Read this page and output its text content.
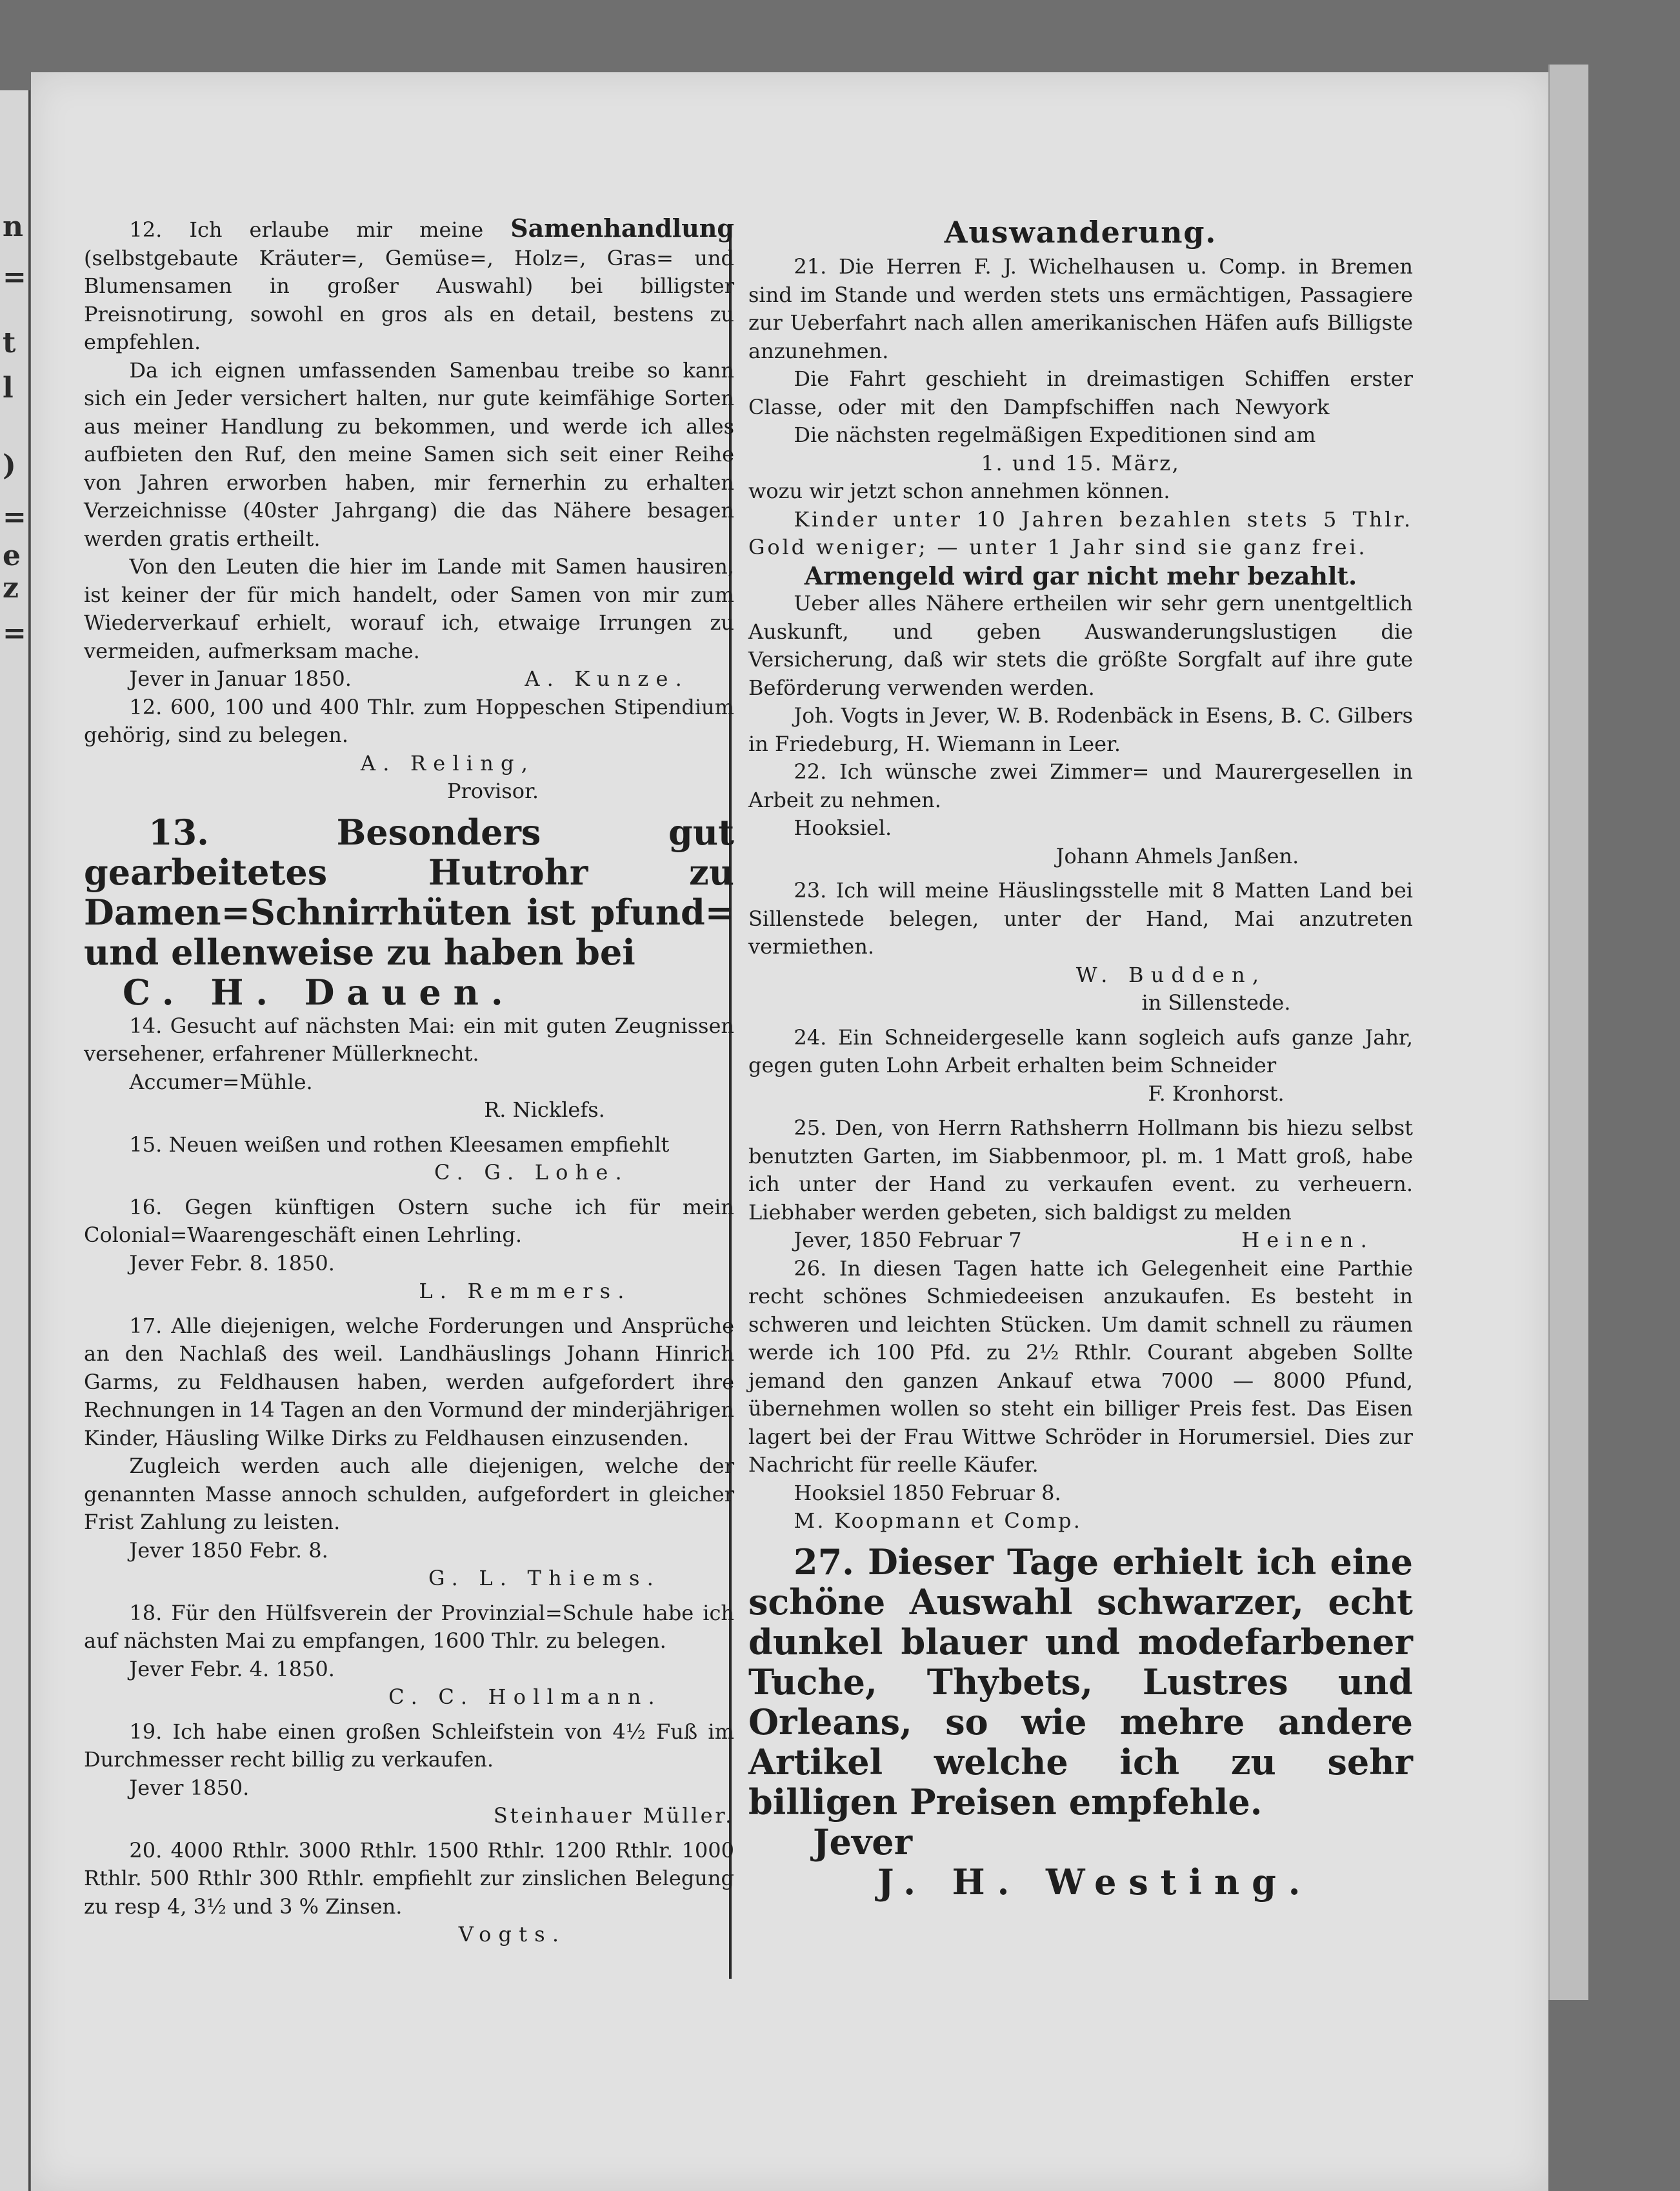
n
=
t
l
)
=
e
z
=

12. Ich erlaube mir meine Samenhandlung (selbstgebaute Kräuter=, Gemüse=, Holz=, Gras= und Blumensamen in großer Auswahl) bei billigster Preisnotirung, sowohl en gros als en detail, bestens zu empfehlen.

Da ich eignen umfassenden Samenbau treibe so kann sich ein Jeder versichert halten, nur gute keimfähige Sorten aus meiner Handlung zu bekommen, und werde ich alles aufbieten den Ruf, den meine Samen sich seit einer Reihe von Jahren erworben haben, mir fernerhin zu erhalten Verzeichnisse (40ster Jahrgang) die das Nähere besagen werden gratis ertheilt.

Von den Leuten die hier im Lande mit Samen hausiren, ist keiner der für mich handelt, oder Samen von mir zum Wiederverkauf erhielt, worauf ich, etwaige Irrungen zu vermeiden, aufmerksam mache.

Jever in Januar 1850.	A. Kunze.

12. 600, 100 und 400 Thlr. zum Hoppeschen Stipendium gehörig, sind zu belegen.

A. Reling,

Provisor.

13. Besonders gut gearbeitetes Hutrohr zu Damen=Schnirrhüten ist pfund= und ellenweise zu haben bei

C. H. Dauen.

14. Gesucht auf nächsten Mai: ein mit guten Zeugnissen versehener, erfahrener Müllerknecht.

Accumer=Mühle.

R. Nicklefs.

15. Neuen weißen und rothen Kleesamen empfiehlt

C. G. Lohe.

16. Gegen künftigen Ostern suche ich für mein Colonial=Waarengeschäft einen Lehrling.

Jever Febr. 8. 1850.

L. Remmers.

17. Alle diejenigen, welche Forderungen und Ansprüche an den Nachlaß des weil. Landhäuslings Johann Hinrich Garms, zu Feldhausen haben, werden aufgefordert ihre Rechnungen in 14 Tagen an den Vormund der minderjährigen Kinder, Häusling Wilke Dirks zu Feldhausen einzusenden.

Zugleich werden auch alle diejenigen, welche der genannten Masse annoch schulden, aufgefordert in gleicher Frist Zahlung zu leisten.

Jever 1850 Febr. 8.

G. L. Thiems.

18. Für den Hülfsverein der Provinzial=Schule habe ich auf nächsten Mai zu empfangen, 1600 Thlr. zu belegen.

Jever Febr. 4. 1850.

C. C. Hollmann.

19. Ich habe einen großen Schleifstein von 4½ Fuß im Durchmesser recht billig zu verkaufen.

Jever 1850.

Steinhauer Müller.

20. 4000 Rthlr. 3000 Rthlr. 1500 Rthlr. 1200 Rthlr. 1000 Rthlr. 500 Rthlr 300 Rthlr. empfiehlt zur zinslichen Belegung zu resp 4, 3½ und 3 % Zinsen.

Vogts.

Auswanderung.

21. Die Herren F. J. Wichelhausen u. Comp. in Bremen sind im Stande und werden stets uns ermächtigen, Passagiere zur Ueberfahrt nach allen amerikanischen Häfen aufs Billigste anzunehmen.

Die Fahrt geschieht in dreimastigen Schiffen erster Classe, oder mit den Dampfschiffen nach Newyork

Die nächsten regelmäßigen Expeditionen sind am

1. und 15. März,

wozu wir jetzt schon annehmen können.

Kinder unter 10 Jahren bezahlen stets 5 Thlr. Gold weniger; — unter 1 Jahr sind sie ganz frei.

Armengeld wird gar nicht mehr bezahlt.

Ueber alles Nähere ertheilen wir sehr gern unentgeltlich Auskunft, und geben Auswanderungslustigen die Versicherung, daß wir stets die größte Sorgfalt auf ihre gute Beförderung verwenden werden.

Joh. Vogts in Jever, W. B. Rodenbäck in Esens, B. C. Gilbers in Friedeburg, H. Wiemann in Leer.

22. Ich wünsche zwei Zimmer= und Maurergesellen in Arbeit zu nehmen.

Hooksiel.

Johann Ahmels Janßen.

23. Ich will meine Häuslingsstelle mit 8 Matten Land bei Sillenstede belegen, unter der Hand, Mai anzutreten vermiethen.

W. Budden,

in Sillenstede.

24. Ein Schneidergeselle kann sogleich aufs ganze Jahr, gegen guten Lohn Arbeit erhalten beim Schneider

F. Kronhorst.

25. Den, von Herrn Rathsherrn Hollmann bis hiezu selbst benutzten Garten, im Siabbenmoor, pl. m. 1 Matt groß, habe ich unter der Hand zu verkaufen event. zu verheuern. Liebhaber werden gebeten, sich baldigst zu melden

Jever, 1850 Februar 7	Heinen.

26. In diesen Tagen hatte ich Gelegenheit eine Parthie recht schönes Schmiedeeisen anzukaufen. Es besteht in schweren und leichten Stücken. Um damit schnell zu räumen werde ich 100 Pfd. zu 2½ Rthlr. Courant abgeben Sollte jemand den ganzen Ankauf etwa 7000 — 8000 Pfund, übernehmen wollen so steht ein billiger Preis fest. Das Eisen lagert bei der Frau Wittwe Schröder in Horumersiel. Dies zur Nachricht für reelle Käufer.

Hooksiel 1850 Februar 8.

M. Koopmann et Comp.

27. Dieser Tage erhielt ich eine schöne Auswahl schwarzer, echt dunkel blauer und modefarbener Tuche, Thybets, Lustres und Orleans, so wie mehre andere Artikel welche ich zu sehr billigen Preisen empfehle.

Jever

J. H. Westing.
